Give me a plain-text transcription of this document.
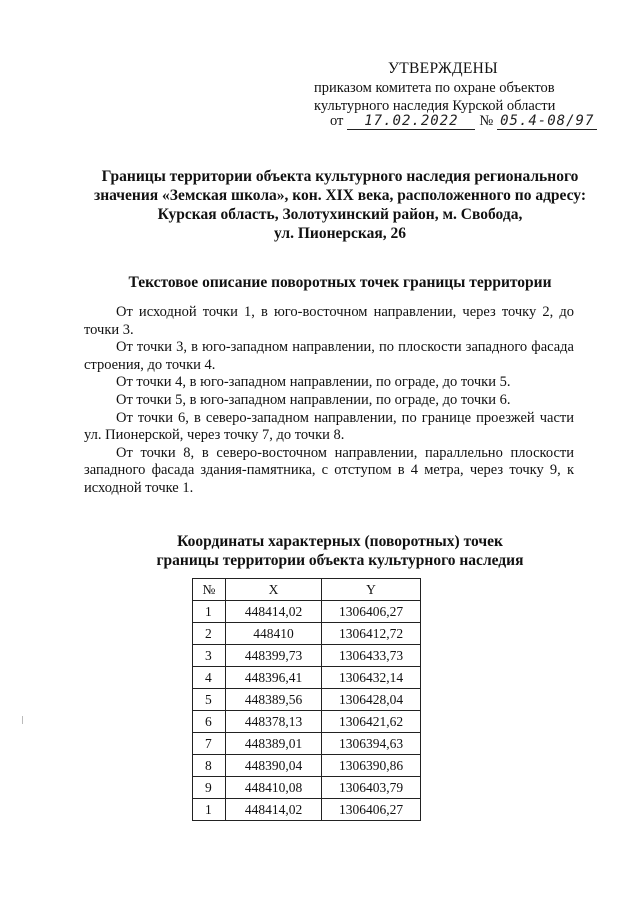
УТВЕРЖДЕНЫ
приказом комитета по охране объектов
культурного наследия Курской области
от 17.02.2022 № 05.4-08/97
Границы территории объекта культурного наследия регионального
значения «Земская школа», кон. XIX века, расположенного по адресу:
Курская область, Золотухинский район, м. Свобода,
ул. Пионерская, 26
Текстовое описание поворотных точек границы территории

От исходной точки 1, в юго-восточном направлении, через точку 2, до точки 3.

От точки 3, в юго-западном направлении, по плоскости западного фасада строения, до точки 4.

От точки 4, в юго-западном направлении, по ограде, до точки 5.

От точки 5, в юго-западном направлении, по ограде, до точки 6.

От точки 6, в северо-западном направлении, по границе проезжей части ул. Пионерской, через точку 7, до точки 8.

От точки 8, в северо-восточном направлении, параллельно плоскости западного фасада здания-памятника, с отступом в 4 метра, через точку 9, к исходной точке 1.

Координаты характерных (поворотных) точек
границы территории объекта культурного наследия
№	X	Y
1	448414,02	1306406,27
2	448410	1306412,72
3	448399,73	1306433,73
4	448396,41	1306432,14
5	448389,56	1306428,04
6	448378,13	1306421,62
7	448389,01	1306394,63
8	448390,04	1306390,86
9	448410,08	1306403,79
1	448414,02	1306406,27
